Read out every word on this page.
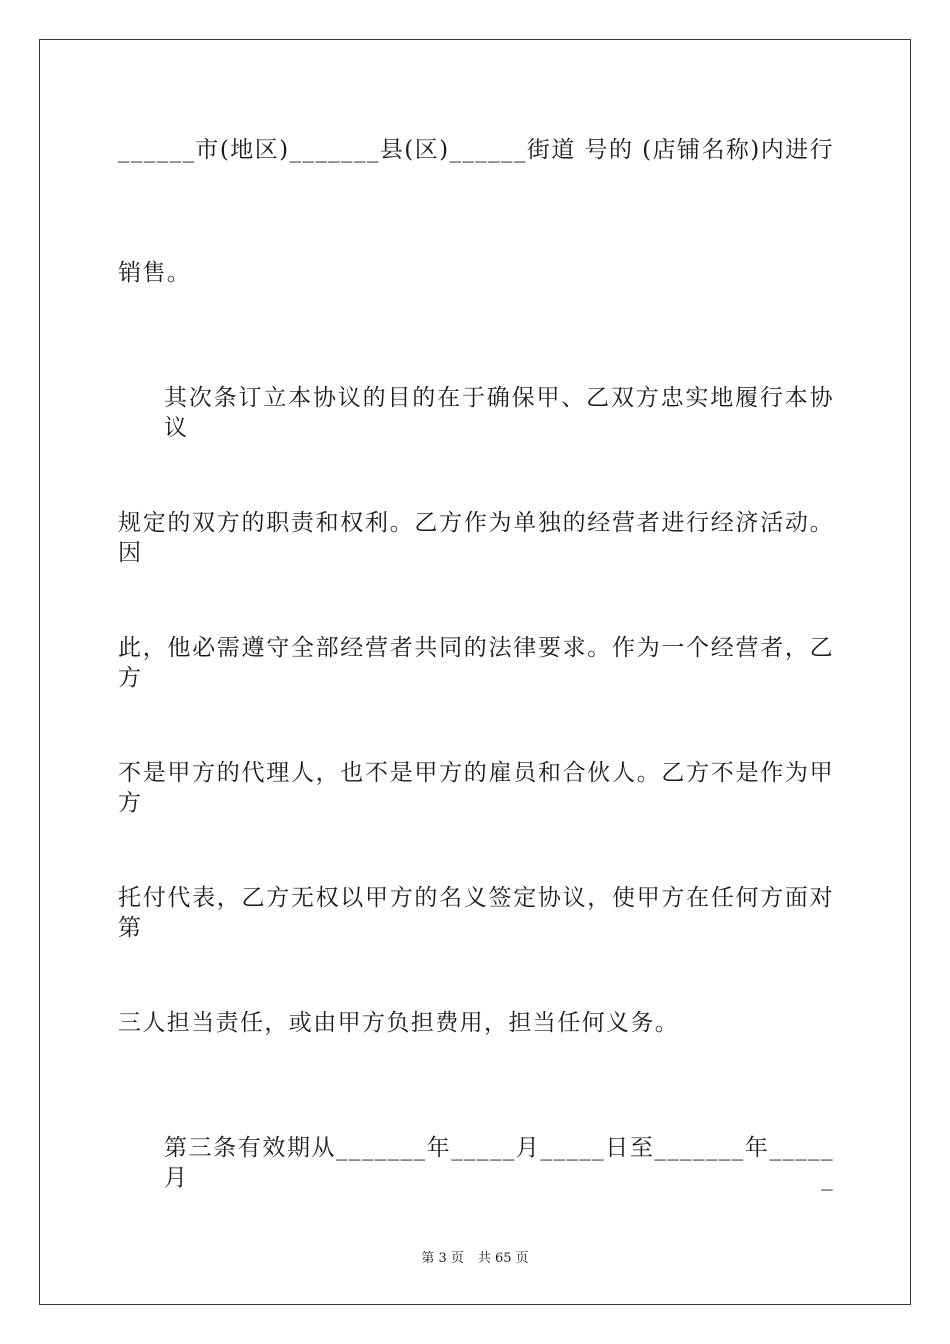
______市(地区)_______县(区)______街道 号的 (店铺名称)内进行
销售。
其次条订立本协议的目的在于确保甲、乙双方忠实地履行本协议
规定的双方的职责和权利。乙方作为单独的经营者进行经济活动。因
此，他必需遵守全部经营者共同的法律要求。作为一个经营者，乙方
不是甲方的代理人，也不是甲方的雇员和合伙人。乙方不是作为甲方
托付代表，乙方无权以甲方的名义签定协议，使甲方在任何方面对第
三人担当责任，或由甲方负担费用，担当任何义务。
第三条有效期从_______年_____月_____日至_______年_____月_
第 3 页 共 65 页
